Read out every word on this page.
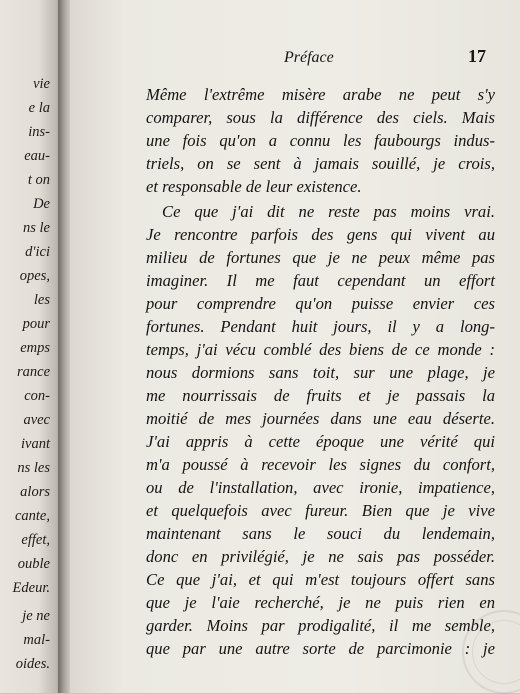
vie
e la
ins-
eau-
t on
De
ns le
d'ici
opes,
les
pour
emps
rance
con-
avec
ivant
ns les
alors
cante,
effet,
ouble
Edeur.
je ne
mal-
oides.
Préface	17
Même l'extrême misère arabe ne peut s'y
comparer, sous la différence des ciels. Mais
une fois qu'on a connu les faubourgs indus-
triels, on se sent à jamais souillé, je crois,
et responsable de leur existence.
Ce que j'ai dit ne reste pas moins vrai.
Je rencontre parfois des gens qui vivent au
milieu de fortunes que je ne peux même pas
imaginer. Il me faut cependant un effort
pour comprendre qu'on puisse envier ces
fortunes. Pendant huit jours, il y a long-
temps, j'ai vécu comblé des biens de ce monde :
nous dormions sans toit, sur une plage, je
me nourrissais de fruits et je passais la
moitié de mes journées dans une eau déserte.
J'ai appris à cette époque une vérité qui
m'a poussé à recevoir les signes du confort,
ou de l'installation, avec ironie, impatience,
et quelquefois avec fureur. Bien que je vive
maintenant sans le souci du lendemain,
donc en privilégié, je ne sais pas posséder.
Ce que j'ai, et qui m'est toujours offert sans
que je l'aie recherché, je ne puis rien en
garder. Moins par prodigalité, il me semble,
que par une autre sorte de parcimonie : je
